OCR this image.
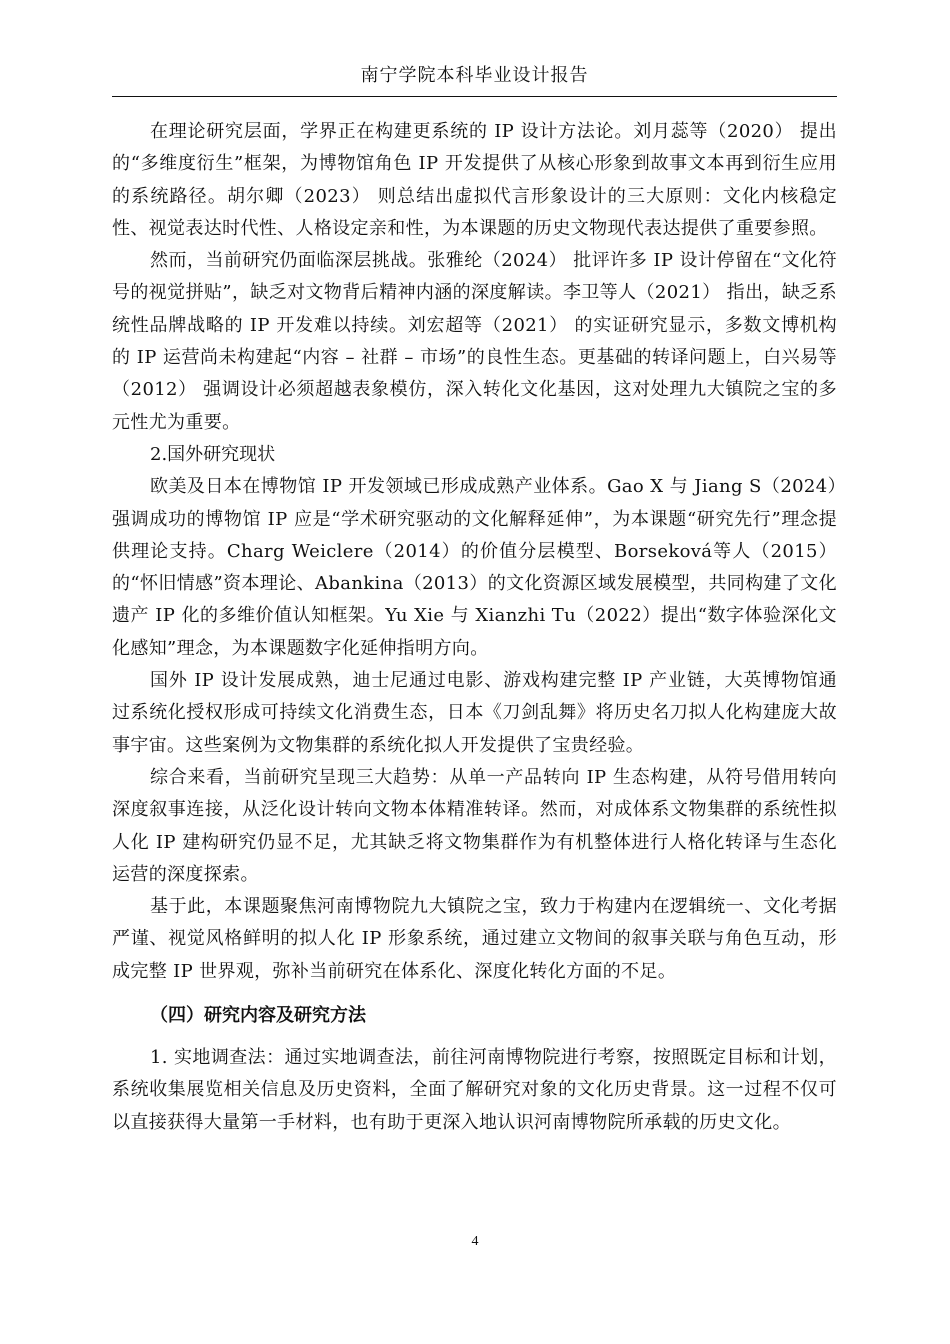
南宁学院本科毕业设计报告

在理论研究层面，学界正在构建更系统的 IP 设计方法论。刘月蕊等（2020） 提出的“多维度衍生”框架，为博物馆角色 IP 开发提供了从核心形象到故事文本再到衍生应用的系统路径。胡尔卿（2023） 则总结出虚拟代言形象设计的三大原则：文化内核稳定性、视觉表达时代性、人格设定亲和性，为本课题的历史文物现代表达提供了重要参照。

然而，当前研究仍面临深层挑战。张雅纶（2024） 批评许多 IP 设计停留在“文化符号的视觉拼贴”，缺乏对文物背后精神内涵的深度解读。李卫等人（2021） 指出，缺乏系统性品牌战略的 IP 开发难以持续。刘宏超等（2021） 的实证研究显示，多数文博机构的 IP 运营尚未构建起“内容 – 社群 – 市场”的良性生态。更基础的转译问题上，白兴易等（2012） 强调设计必须超越表象模仿，深入转化文化基因，这对处理九大镇院之宝的多元性尤为重要。

2.国外研究现状

欧美及日本在博物馆 IP 开发领域已形成成熟产业体系。Gao X 与 Jiang S（2024）强调成功的博物馆 IP 应是“学术研究驱动的文化解释延伸”，为本课题“研究先行”理念提供理论支持。Charg Weiclere（2014）的价值分层模型、Borseková等人（2015）的“怀旧情感”资本理论、Abankina（2013）的文化资源区域发展模型，共同构建了文化遗产 IP 化的多维价值认知框架。Yu Xie 与 Xianzhi Tu（2022）提出“数字体验深化文化感知”理念，为本课题数字化延伸指明方向。

国外 IP 设计发展成熟，迪士尼通过电影、游戏构建完整 IP 产业链，大英博物馆通过系统化授权形成可持续文化消费生态，日本《刀剑乱舞》将历史名刀拟人化构建庞大故事宇宙。这些案例为文物集群的系统化拟人开发提供了宝贵经验。

综合来看，当前研究呈现三大趋势：从单一产品转向 IP 生态构建，从符号借用转向深度叙事连接，从泛化设计转向文物本体精准转译。然而，对成体系文物集群的系统性拟人化 IP 建构研究仍显不足，尤其缺乏将文物集群作为有机整体进行人格化转译与生态化运营的深度探索。

基于此，本课题聚焦河南博物院九大镇院之宝，致力于构建内在逻辑统一、文化考据严谨、视觉风格鲜明的拟人化 IP 形象系统，通过建立文物间的叙事关联与角色互动，形成完整 IP 世界观，弥补当前研究在体系化、深度化转化方面的不足。

（四）研究内容及研究方法

1. 实地调查法：通过实地调查法，前往河南博物院进行考察，按照既定目标和计划，系统收集展览相关信息及历史资料，全面了解研究对象的文化历史背景。这一过程不仅可以直接获得大量第一手材料，也有助于更深入地认识河南博物院所承载的历史文化。

4
